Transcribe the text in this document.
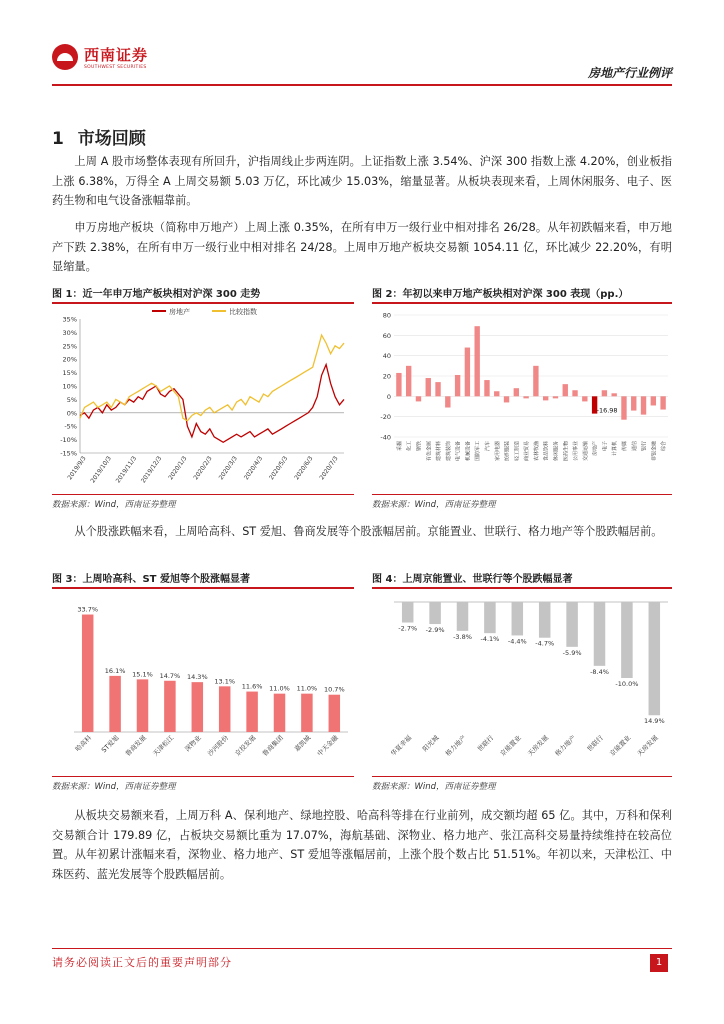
西南证券
SOUTHWEST SECURITIES	房地产行业例评
1 市场回顾

上周 A 股市场整体表现有所回升，沪指周线止步两连阴。上证指数上涨 3.54%、沪深 300 指数上涨 4.20%，创业板指上涨 6.38%，万得全 A 上周交易额 5.03 万亿，环比减少 15.03%，缩量显著。从板块表现来看，上周休闲服务、电子、医药生物和电气设备涨幅靠前。

申万房地产板块（简称申万地产）上周上涨 0.35%，在所有申万一级行业中相对排名 26/28。从年初跌幅来看，申万地产下跌 2.38%，在所有申万一级行业中相对排名 24/28。上周申万地产板块交易额 1054.11 亿，环比减少 22.20%，有明显缩量。

图 1：近一年申万地产板块相对沪深 300 走势
35%
30%
25%
20%
15%
10%
5%
0%
-5%
-10%
-15%
2019/9/3 2019/10/3 2019/11/3 2019/12/3 2020/1/3 2020/2/3 2020/3/3 2020/4/3 2020/5/3 2020/6/3 2020/7/3
房地产	比较指数
数据来源：Wind，西南证券整理
图 2：年初以来申万地产板块相对沪深 300 表现（pp.）
80
60
40
20
0
-20
-40
采掘 化工 钢铁 有色金属 建筑材料 建筑装饰 电气设备 机械设备 国防军工 汽车 家用电器 纺织服装 轻工制造 商业贸易 农林牧渔 食品饮料 休闲服务 医药生物 公用事业 交通运输 房地产 电子 计算机 传媒 通信 银行 非银金融 综合
-16.98
数据来源：Wind，西南证券整理

从个股涨跌幅来看，上周哈高科、ST 爱旭、鲁商发展等个股涨幅居前。京能置业、世联行、格力地产等个股跌幅居前。

图 3：上周哈高科、ST 爱旭等个股涨幅显著
33.7%
哈高科
16.1%
ST爱旭
15.1%
鲁商发展
14.7%
天津松江
14.3%
深物业
13.1%
沙河股份
11.6%
京投发展
11.0%
鲁商集团
11.0%
嘉凯城
10.7%
中天金融
数据来源：Wind，西南证券整理
图 4：上周京能置业、世联行等个股跌幅显著
-2.7%
华夏幸福
-2.9%
阳光城
-3.8%
格力地产
-4.1%
世联行
-4.4%
京能置业
-4.7%
天房发展
-5.9%
格力地产
-8.4%
世联行
-10.0%
京能置业
14.9%
天房发展
数据来源：Wind，西南证券整理

从板块交易额来看，上周万科 A、保利地产、绿地控股、哈高科等排在行业前列，成交额均超 65 亿。其中，万科和保利交易额合计 179.89 亿，占板块交易额比重为 17.07%，海航基础、深物业、格力地产、张江高科交易量持续维持在较高位置。从年初累计涨幅来看，深物业、格力地产、ST 爱旭等涨幅居前，上涨个股个数占比 51.51%。年初以来，天津松江、中珠医药、蓝光发展等个股跌幅居前。

请务必阅读正文后的重要声明部分	1
